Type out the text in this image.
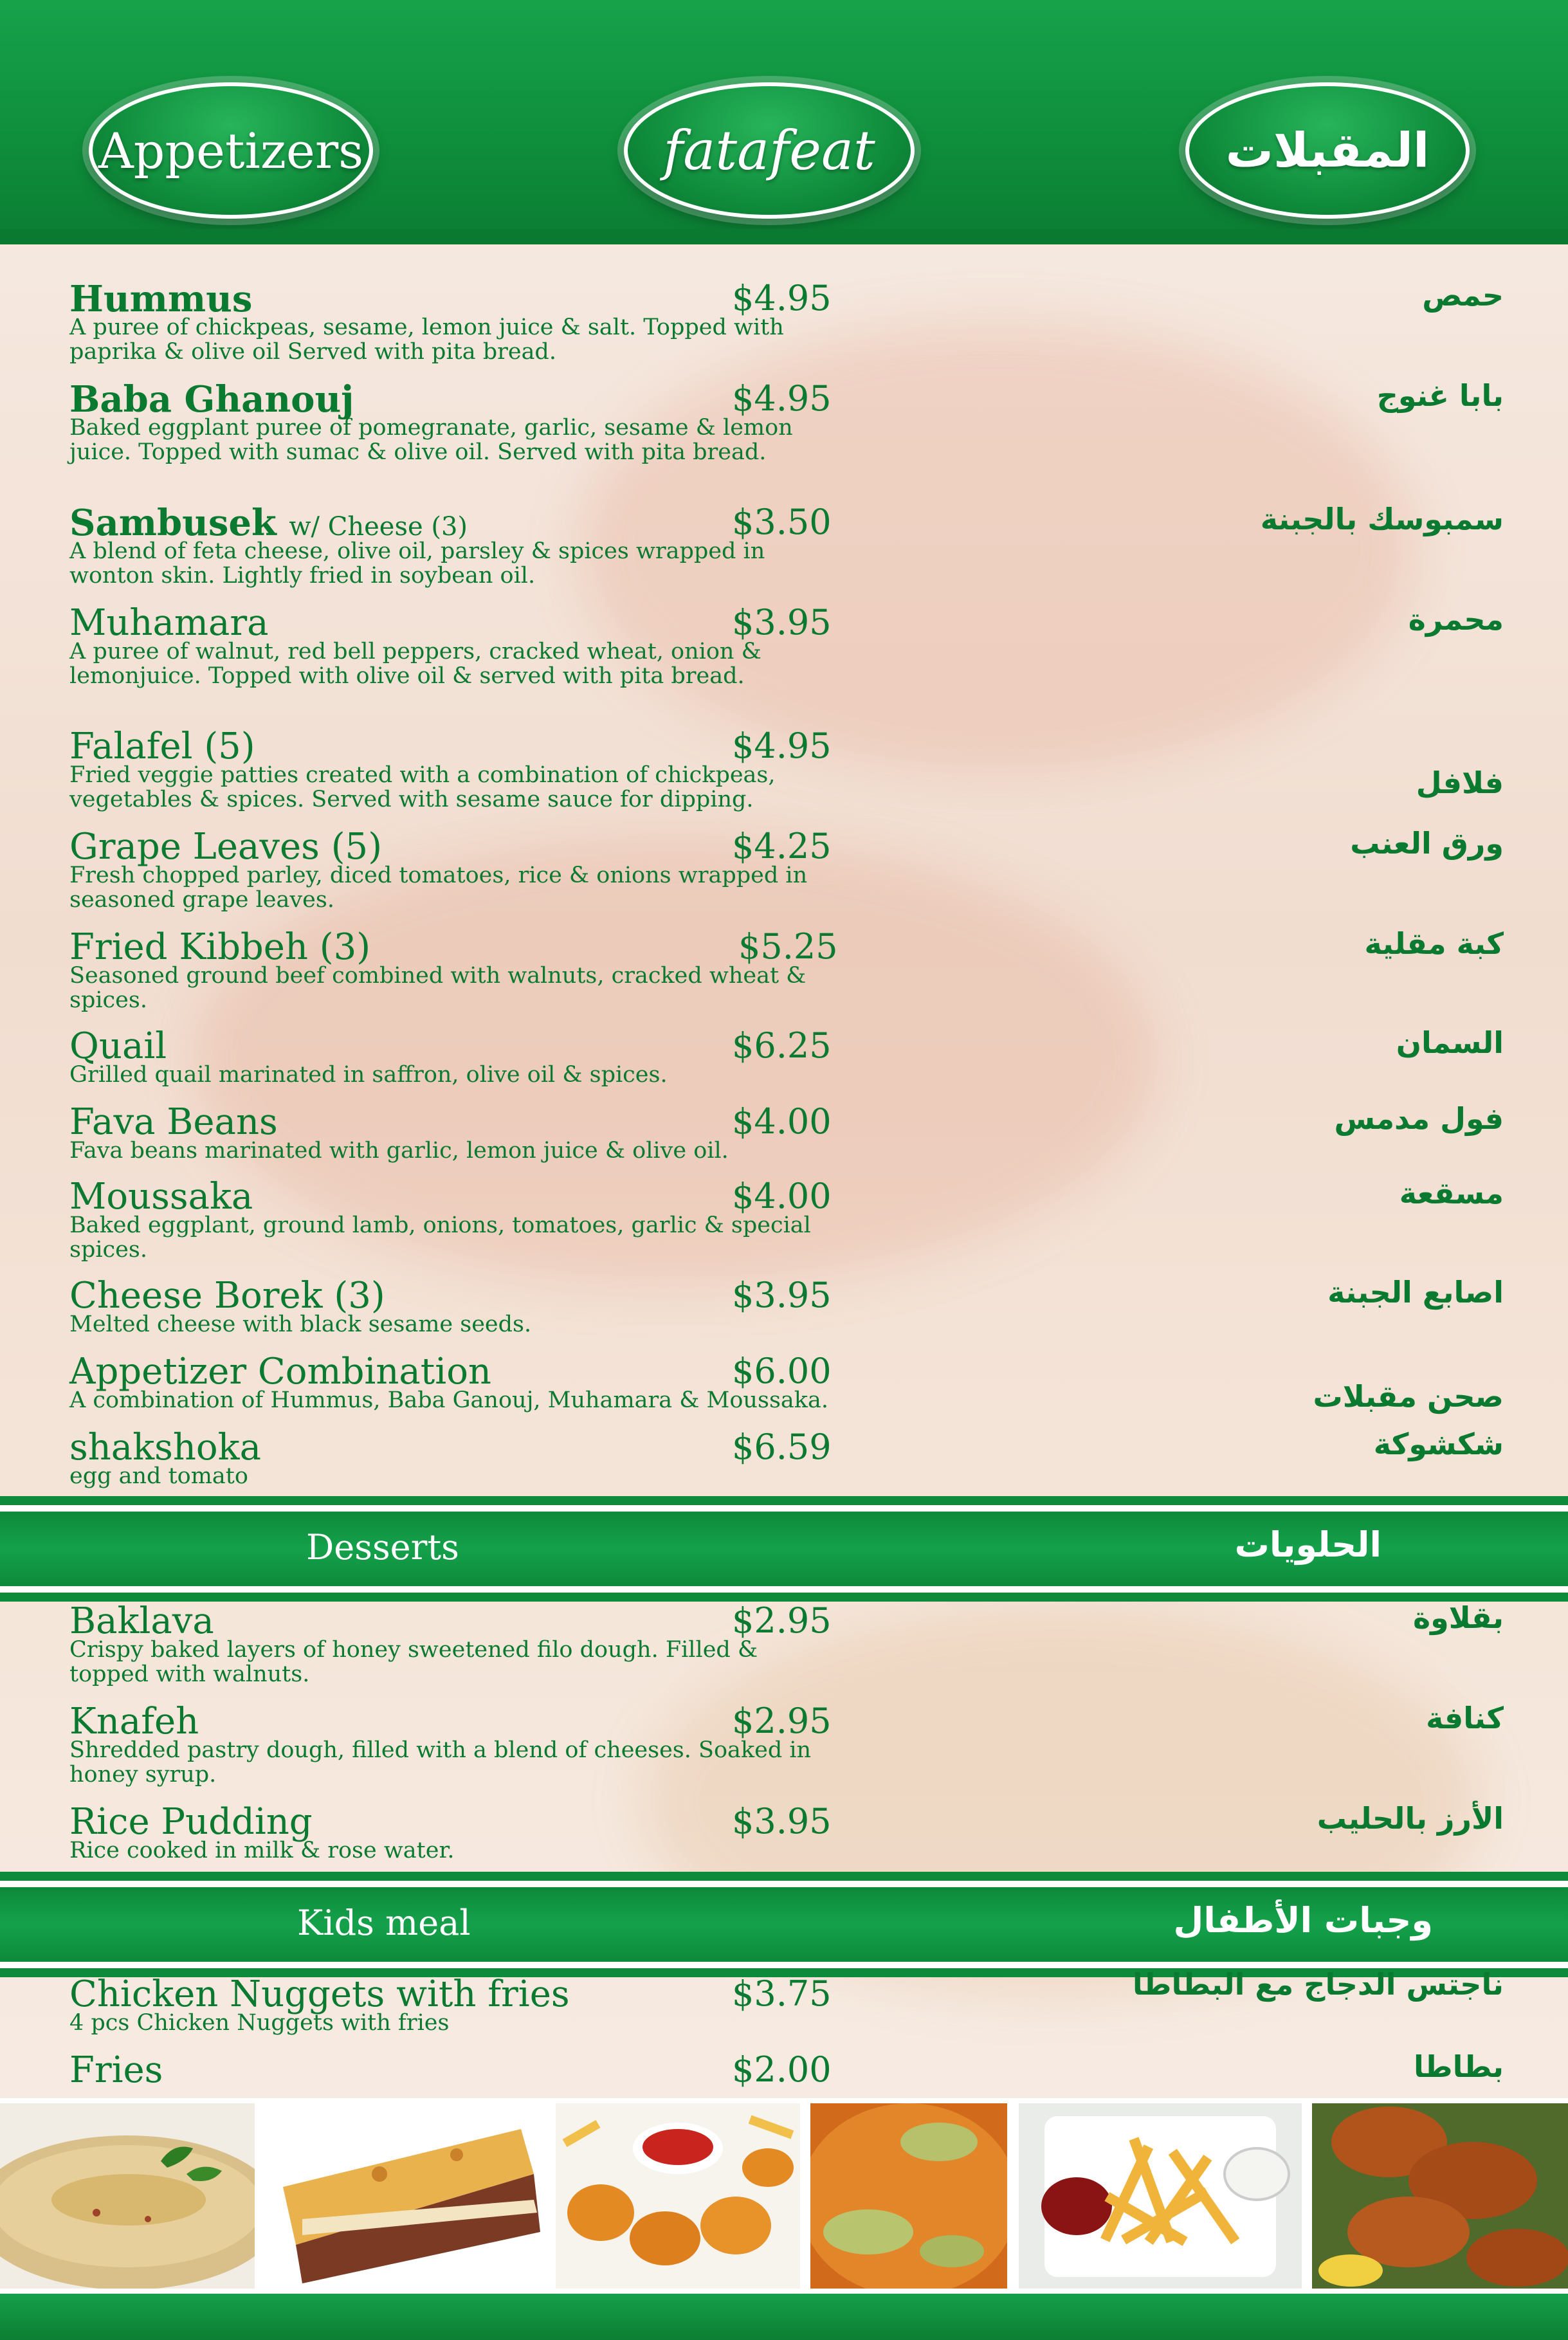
Appetizers	fatafeat	المقبلات
Hummus	$4.95
A puree of chickpeas, sesame, lemon juice & salt. Topped with paprika & olive oil Served with pita bread.
حمص
Baba Ghanouj	$4.95
Baked eggplant puree of pomegranate, garlic, sesame & lemon juice. Topped with sumac & olive oil. Served with pita bread.
بابا غنوج
Sambusek w/ Cheese (3)	$3.50
A blend of feta cheese, olive oil, parsley & spices wrapped in wonton skin. Lightly fried in soybean oil.
سمبوسك بالجبنة
Muhamara	$3.95
A puree of walnut, red bell peppers, cracked wheat, onion & lemonjuice. Topped with olive oil & served with pita bread.
محمرة
Falafel (5)	$4.95
Fried veggie patties created with a combination of chickpeas, vegetables & spices. Served with sesame sauce for dipping.	فلافل
Grape Leaves (5)	$4.25
Fresh chopped parley, diced tomatoes, rice & onions wrapped in seasoned grape leaves.
ورق العنب
Fried Kibbeh (3)	$5.25
Seasoned ground beef combined with walnuts, cracked wheat & spices.
كبة مقلية
Quail	$6.25
Grilled quail marinated in saffron, olive oil & spices.
السمان
Fava Beans	$4.00
Fava beans marinated with garlic, lemon juice & olive oil.
فول مدمس
Moussaka	$4.00
Baked eggplant, ground lamb, onions, tomatoes, garlic & special spices.
مسقعة
Cheese Borek (3)	$3.95
Melted cheese with black sesame seeds.
اصابع الجبنة
Appetizer Combination	$6.00
A combination of Hummus, Baba Ganouj, Muhamara & Moussaka.	صحن مقبلات
shakshoka	$6.59
egg and tomato
شكشوكة
Desserts	الحلويات
Baklava	$2.95
Crispy baked layers of honey sweetened filo dough. Filled & topped with walnuts.
بقلاوة
Knafeh	$2.95
Shredded pastry dough, filled with a blend of cheeses. Soaked in honey syrup.
كنافة
Rice Pudding	$3.95
Rice cooked in milk & rose water.
الأرز بالحليب
Kids meal	وجبات الأطفال
Chicken Nuggets with fries	$3.75
4 pcs Chicken Nuggets with fries
ناجتس الدجاج مع البطاطا
Fries	$2.00	بطاطا
